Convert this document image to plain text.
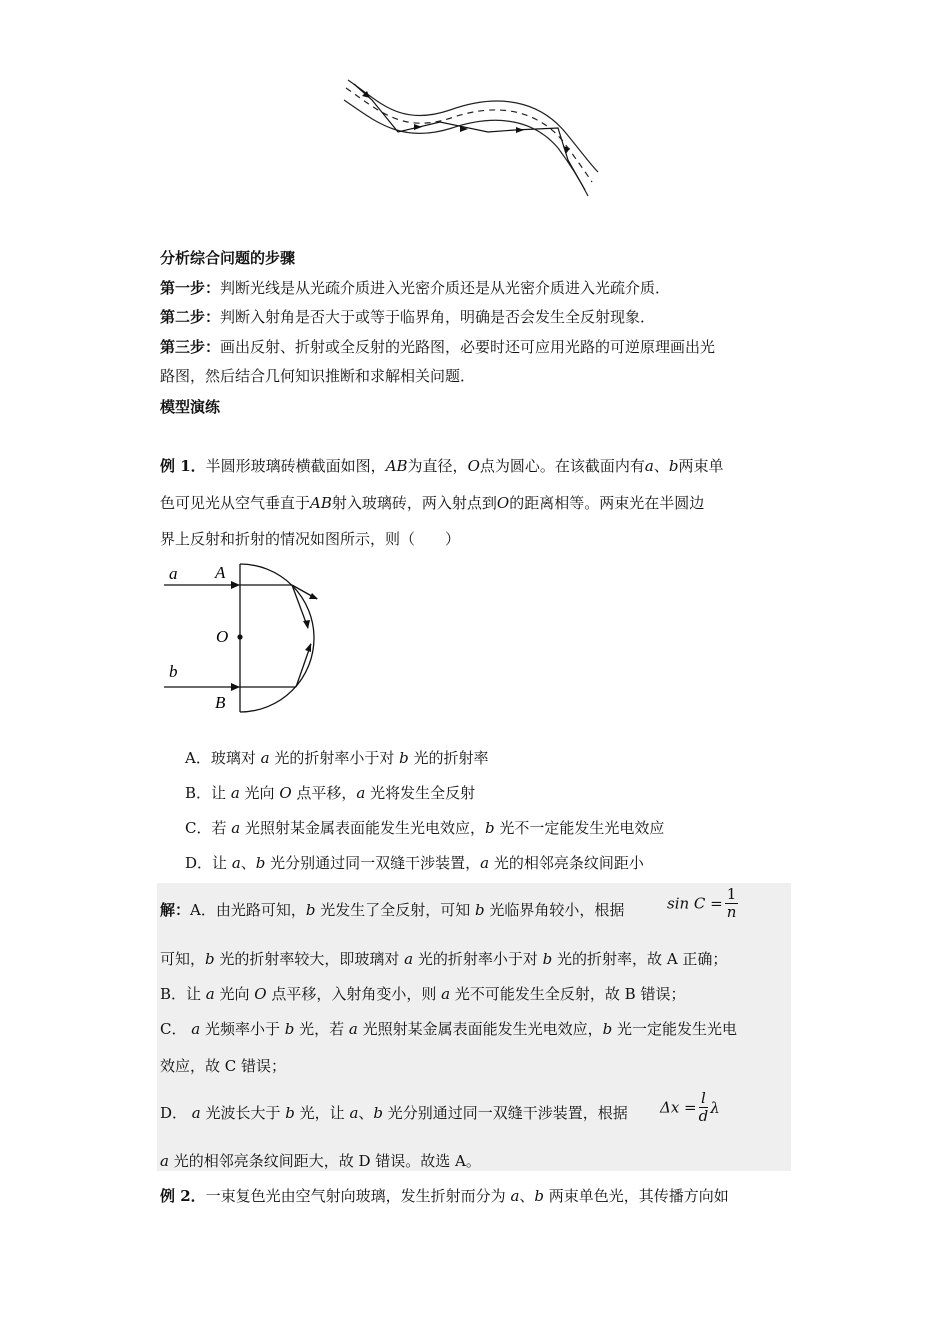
分析综合问题的步骤
第一步：判断光线是从光疏介质进入光密介质还是从光密介质进入光疏介质．
第二步：判断入射角是否大于或等于临界角，明确是否会发生全反射现象．
第三步：画出反射、折射或全反射的光路图，必要时还可应用光路的可逆原理画出光
路图，然后结合几何知识推断和求解相关问题．
模型演练
例 1．半圆形玻璃砖横截面如图，AB为直径，O点为圆心。在该截面内有a、b两束单
色可见光从空气垂直于AB射入玻璃砖，两入射点到O的距离相等。两束光在半圆边
界上反射和折射的情况如图所示，则（　　）
a A
O
b
B
A．玻璃对 a 光的折射率小于对 b 光的折射率
B．让 a 光向 O 点平移，a 光将发生全反射
C．若 a 光照射某金属表面能发生光电效应，b 光不一定能发生光电效应
D．让 a、b 光分别通过同一双缝干涉装置，a 光的相邻亮条纹间距小
解：A．由光路可知，b 光发生了全反射，可知 b 光临界角较小，根据	$\sin C = \frac{1}{n}$
可知，b 光的折射率较大，即玻璃对 a 光的折射率小于对 b 光的折射率，故 A 正确；
B．让 a 光向 O 点平移，入射角变小，则 a 光不可能发生全反射，故 B 错误；
C． a 光频率小于 b 光，若 a 光照射某金属表面能发生光电效应，b 光一定能发生光电
效应，故 C 错误；
D． a 光波长大于 b 光，让 a、b 光分别通过同一双缝干涉装置，根据	$\Delta x = \frac{l}{d}$ λ
a 光的相邻亮条纹间距大，故 D 错误。故选 A。
例 2．一束复色光由空气射向玻璃，发生折射而分为 a、b 两束单色光，其传播方向如
